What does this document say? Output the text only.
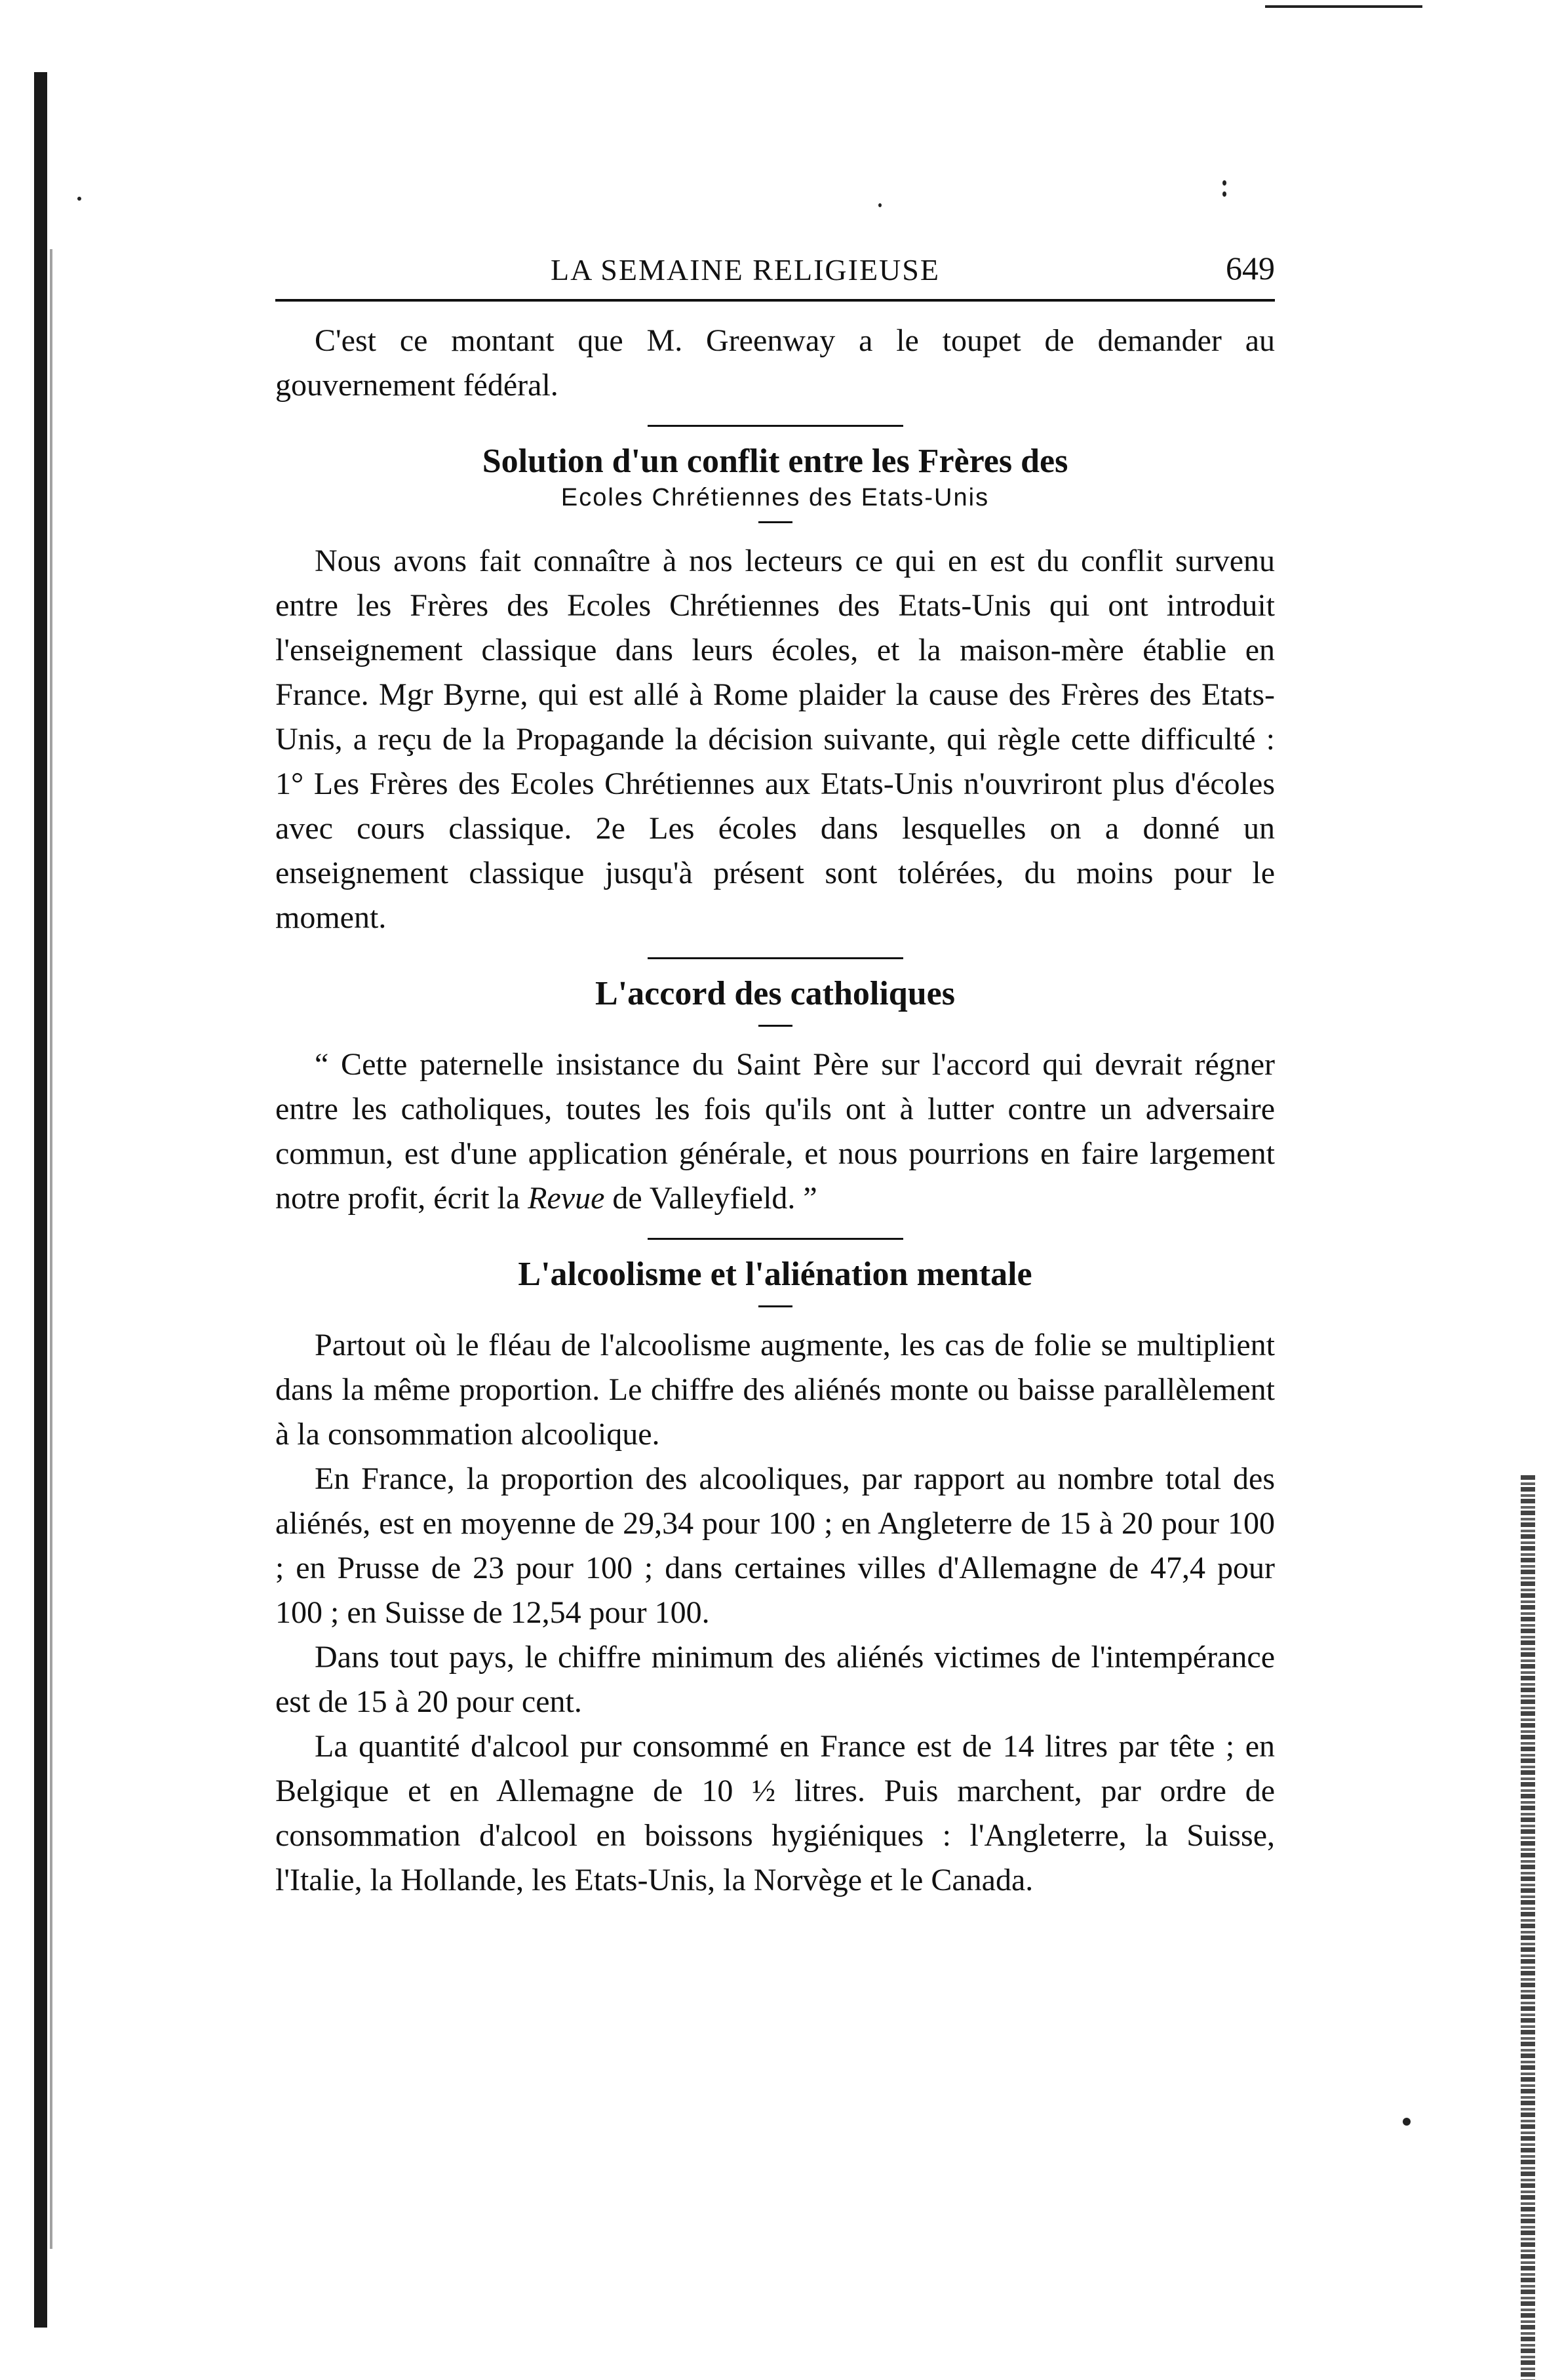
LA SEMAINE RELIGIEUSE	649

C'est ce montant que M. Greenway a le toupet de demander au gouvernement fédéral.

Solution d'un conflit entre les Frères des
Ecoles Chrétiennes des Etats-Unis

Nous avons fait connaître à nos lecteurs ce qui en est du conflit survenu entre les Frères des Ecoles Chrétiennes des Etats-Unis qui ont introduit l'enseignement classique dans leurs écoles, et la maison-mère établie en France. Mgr Byrne, qui est allé à Rome plaider la cause des Frères des Etats-Unis, a reçu de la Propagande la décision suivante, qui règle cette difficulté : 1° Les Frères des Ecoles Chrétiennes aux Etats-Unis n'ouvriront plus d'écoles avec cours classique. 2e Les écoles dans lesquelles on a donné un enseignement classique jusqu'à présent sont tolérées, du moins pour le moment.

L'accord des catholiques

“ Cette paternelle insistance du Saint Père sur l'accord qui devrait régner entre les catholiques, toutes les fois qu'ils ont à lutter contre un adversaire commun, est d'une application générale, et nous pourrions en faire largement notre profit, écrit la Revue de Valleyfield. ”

L'alcoolisme et l'aliénation mentale

Partout où le fléau de l'alcoolisme augmente, les cas de folie se multiplient dans la même proportion. Le chiffre des aliénés monte ou baisse parallèlement à la consommation alcoolique.

En France, la proportion des alcooliques, par rapport au nombre total des aliénés, est en moyenne de 29,34 pour 100 ; en Angleterre de 15 à 20 pour 100 ; en Prusse de 23 pour 100 ; dans certaines villes d'Allemagne de 47,4 pour 100 ; en Suisse de 12,54 pour 100.

Dans tout pays, le chiffre minimum des aliénés victimes de l'intempérance est de 15 à 20 pour cent.

La quantité d'alcool pur consommé en France est de 14 litres par tête ; en Belgique et en Allemagne de 10 ½ litres. Puis marchent, par ordre de consommation d'alcool en boissons hygiéniques : l'Angleterre, la Suisse, l'Italie, la Hollande, les Etats-Unis, la Norvège et le Canada.
